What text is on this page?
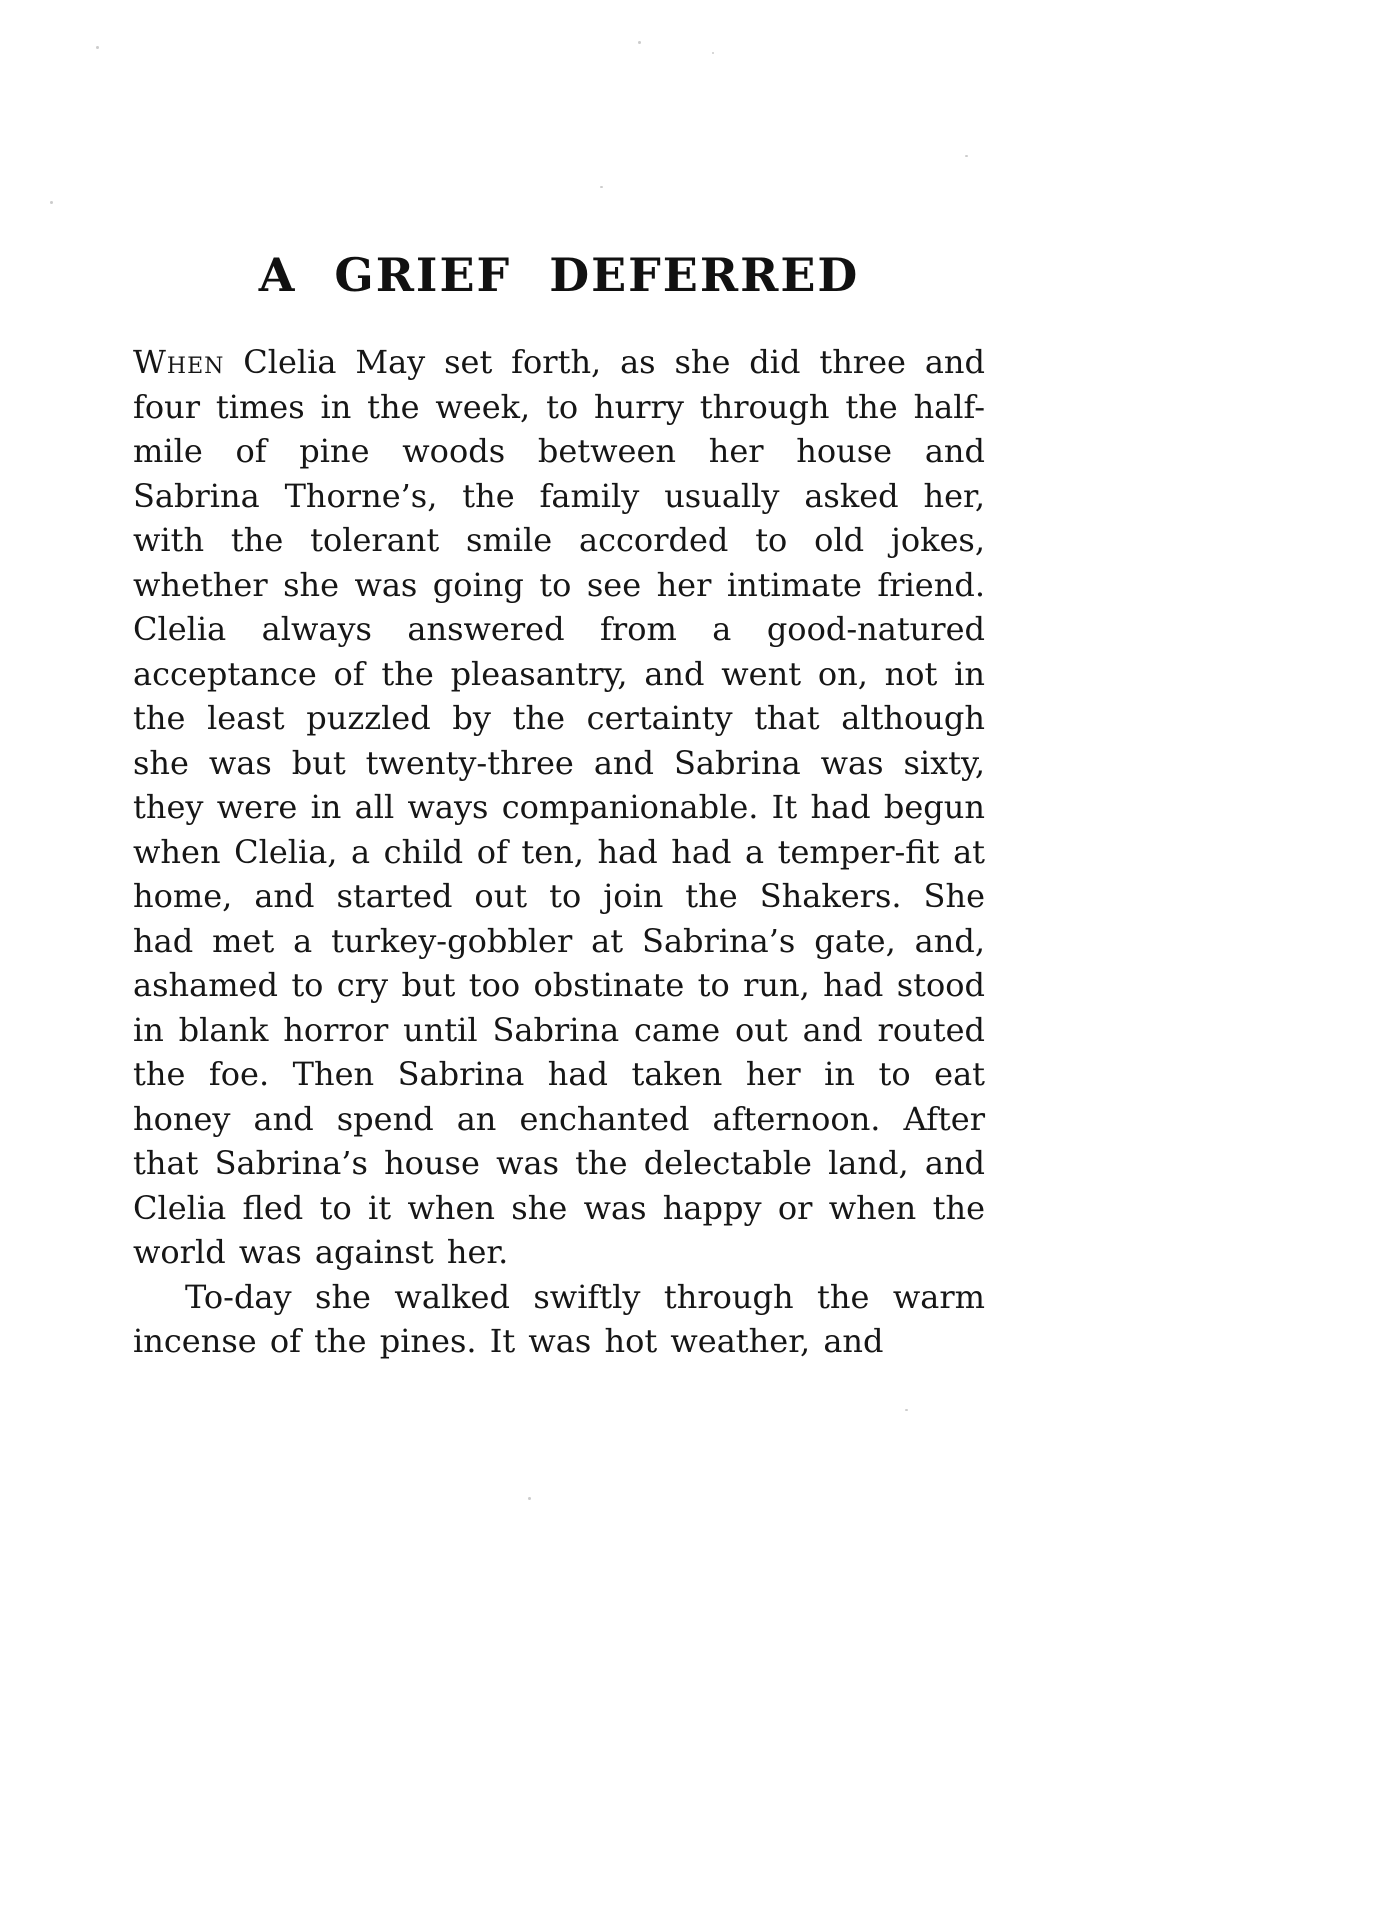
A GRIEF DEFERRED

When Clelia May set forth, as she did three and four times in the week, to hurry through the half-mile of pine woods between her house and Sabrina Thorne’s, the family usually asked her, with the tolerant smile accorded to old jokes, whether she was going to see her intimate friend. Clelia always answered from a good-natured acceptance of the pleasantry, and went on, not in the least puzzled by the certainty that although she was but twenty-three and Sabrina was sixty, they were in all ways companionable. It had begun when Clelia, a child of ten, had had a temper-fit at home, and started out to join the Shakers. She had met a turkey-gobbler at Sabrina’s gate, and, ashamed to cry but too obstinate to run, had stood in blank horror until Sabrina came out and routed the foe. Then Sabrina had taken her in to eat honey and spend an enchanted afternoon. After that Sabrina’s house was the delectable land, and Clelia fled to it when she was happy or when the world was against her.

To-day she walked swiftly through the warm incense of the pines. It was hot weather, and
